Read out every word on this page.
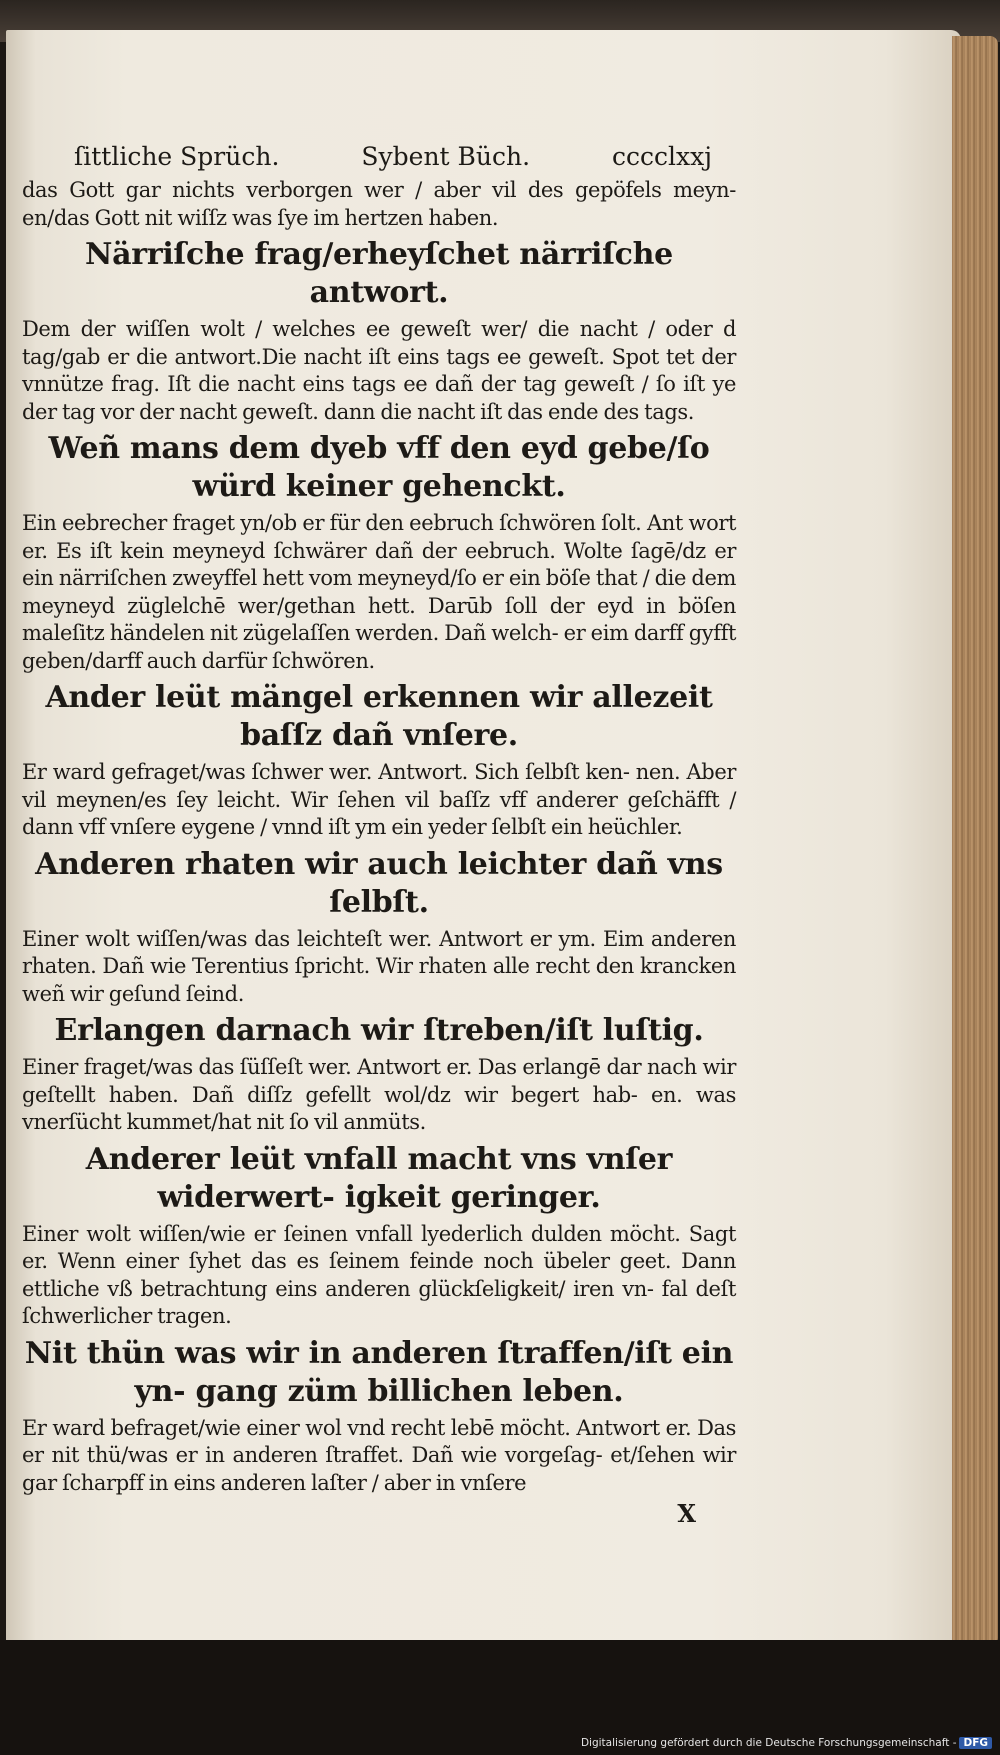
ſittliche Sprüch.	Sybent Büch.	cccclxxj

das Gott gar nichts verborgen wer / aber vil des gepöfels meyn- en/das Gott nit wiſſz was ſye im hertzen haben.

Närriſche frag/erheyſchet närriſche antwort.

Dem der wiſſen wolt / welches ee geweſt wer/ die nacht / oder d tag/gab er die antwort.Die nacht iſt eins tags ee geweſt. Spot tet der vnnütze frag. Iſt die nacht eins tags ee dañ der tag geweſt / ſo iſt ye der tag vor der nacht geweſt. dann die nacht iſt das ende des tags.

Weñ mans dem dyeb vff den eyd gebe/ſo würd keiner gehenckt.

Ein eebrecher fraget yn/ob er für den eebruch ſchwören ſolt. Ant wort er. Es iſt kein meyneyd ſchwärer dañ der eebruch. Wolte ſagē/dz er ein närriſchen zweyffel hett vom meyneyd/ſo er ein böſe that / die dem meyneyd züglelchē wer/gethan hett. Darūb ſoll der eyd in böſen maleſitz händelen nit zügelaſſen werden. Dañ welch- er eim darff gyfft geben/darff auch darfür ſchwören.

Ander leüt mängel erkennen wir allezeit baſſz dañ vnſere.

Er ward gefraget/was ſchwer wer. Antwort. Sich ſelbſt ken- nen. Aber vil meynen/es ſey leicht. Wir ſehen vil baſſz vff anderer geſchäfft / dann vff vnſere eygene / vnnd iſt ym ein yeder ſelbſt ein heüchler.

Anderen rhaten wir auch leichter dañ vns ſelbſt.

Einer wolt wiſſen/was das leichteſt wer. Antwort er ym. Eim anderen rhaten. Dañ wie Terentius ſpricht. Wir rhaten alle recht den krancken weñ wir geſund ſeind.

Erlangen darnach wir ſtreben/iſt luſtig.

Einer fraget/was das ſüſſeſt wer. Antwort er. Das erlangē dar nach wir geſtellt haben. Dañ diſſz gefellt wol/dz wir begert hab- en. was vnerſücht kummet/hat nit ſo vil anmüts.

Anderer leüt vnfall macht vns vnſer widerwert- igkeit geringer.

Einer wolt wiſſen/wie er ſeinen vnfall lyederlich dulden möcht. Sagt er. Wenn einer ſyhet das es ſeinem feinde noch übeler geet. Dann ettliche vß betrachtung eins anderen glückſeligkeit/ iren vn- fal deſt ſchwerlicher tragen.

Nit thün was wir in anderen ſtraffen/iſt ein yn- gang züm billichen leben.

Er ward befraget/wie einer wol vnd recht lebē möcht. Antwort er. Das er nit thü/was er in anderen ſtraffet. Dañ wie vorgeſag- et/ſehen wir gar ſcharpff in eins anderen laſter / aber in vnſere

X
Digitalisierung gefördert durch die Deutsche Forschungsgemeinschaft - DFG
